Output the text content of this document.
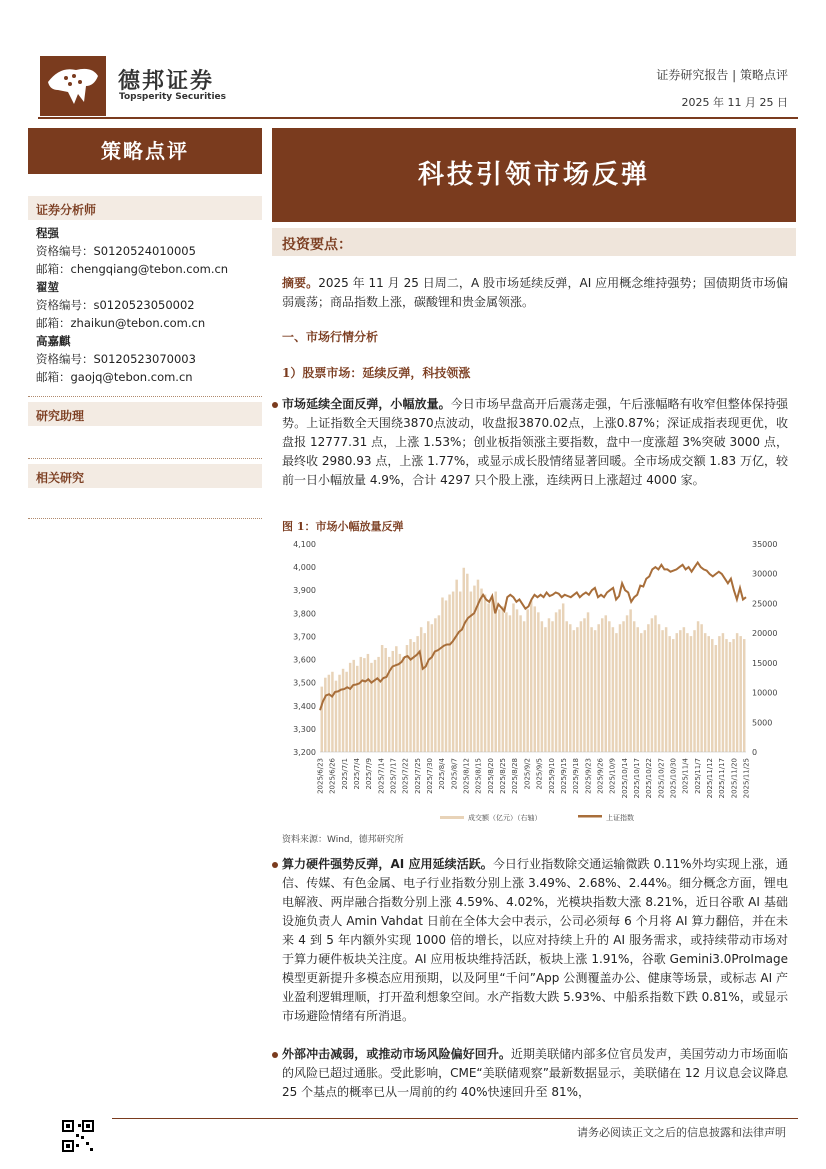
德邦证券
Topsperity Securities
证券研究报告 | 策略点评
2025 年 11 月 25 日
策略点评
证券分析师
程强
资格编号：S0120524010005
邮箱：chengqiang@tebon.com.cn
翟堃
资格编号：s0120523050002
邮箱：zhaikun@tebon.com.cn
高嘉麒
资格编号：S0120523070003
邮箱：gaojq@tebon.com.cn
研究助理
相关研究
科技引领市场反弹
投资要点：
摘要。2025 年 11 月 25 日周二，A 股市场延续反弹，AI 应用概念维持强势；国债期货市场偏弱震荡；商品指数上涨，碳酸锂和贵金属领涨。
一、市场行情分析
1）股票市场：延续反弹，科技领涨
市场延续全面反弹，小幅放量。今日市场早盘高开后震荡走强，午后涨幅略有收窄但整体保持强势。上证指数全天围绕3870点波动，收盘报3870.02点，上涨0.87%；深证成指表现更优，收盘报 12777.31 点，上涨 1.53%；创业板指领涨主要指数，盘中一度涨超 3%突破 3000 点，最终收 2980.93 点，上涨 1.77%，或显示成长股情绪显著回暖。全市场成交额 1.83 万亿，较前一日小幅放量 4.9%，合计 4297 只个股上涨，连续两日上涨超过 4000 家。
图 1：市场小幅放量反弹
4,100
4,000
3,900
3,800
3,700
3,600
3,500
3,400
3,300
3,200
35000
30000
25000
20000
15000
10000
5000
0
2025/6/23 2025/6/26 2025/7/1 2025/7/4 2025/7/9 2025/7/14 2025/7/17 2025/7/22 2025/7/25 2025/7/30 2025/8/4 2025/8/7 2025/8/12 2025/8/15 2025/8/20 2025/8/25 2025/8/28 2025/9/2 2025/9/5 2025/9/10 2025/9/15 2025/9/18 2025/9/23 2025/9/26 2025/10/9 2025/10/14 2025/10/17 2025/10/22 2025/10/27 2025/10/30 2025/11/4 2025/11/7 2025/11/12 2025/11/17 2025/11/20 2025/11/25
成交额（亿元）（右轴）	上证指数
资料来源：Wind，德邦研究所
算力硬件强势反弹，AI 应用延续活跃。今日行业指数除交通运输微跌 0.11%外均实现上涨，通信、传媒、有色金属、电子行业指数分别上涨 3.49%、2.68%、2.44%。细分概念方面，锂电电解液、两岸融合指数分别上涨 4.59%、4.02%，光模块指数大涨 8.21%，近日谷歌 AI 基础设施负责人 Amin Vahdat 日前在全体大会中表示，公司必须每 6 个月将 AI 算力翻倍，并在未来 4 到 5 年内额外实现 1000 倍的增长，以应对持续上升的 AI 服务需求，或持续带动市场对于算力硬件板块关注度。AI 应用板块维持活跃，板块上涨 1.91%，谷歌 Gemini3.0ProImage 模型更新提升多模态应用预期，以及阿里“千问”App 公测覆盖办公、健康等场景，或标志 AI 产业盈利逻辑理顺，打开盈利想象空间。水产指数大跌 5.93%、中船系指数下跌 0.81%，或显示市场避险情绪有所消退。
外部冲击减弱，或推动市场风险偏好回升。近期美联储内部多位官员发声，美国劳动力市场面临的风险已超过通胀。受此影响，CME“美联储观察”最新数据显示，美联储在 12 月议息会议降息 25 个基点的概率已从一周前的约 40%快速回升至 81%，
请务必阅读正文之后的信息披露和法律声明
